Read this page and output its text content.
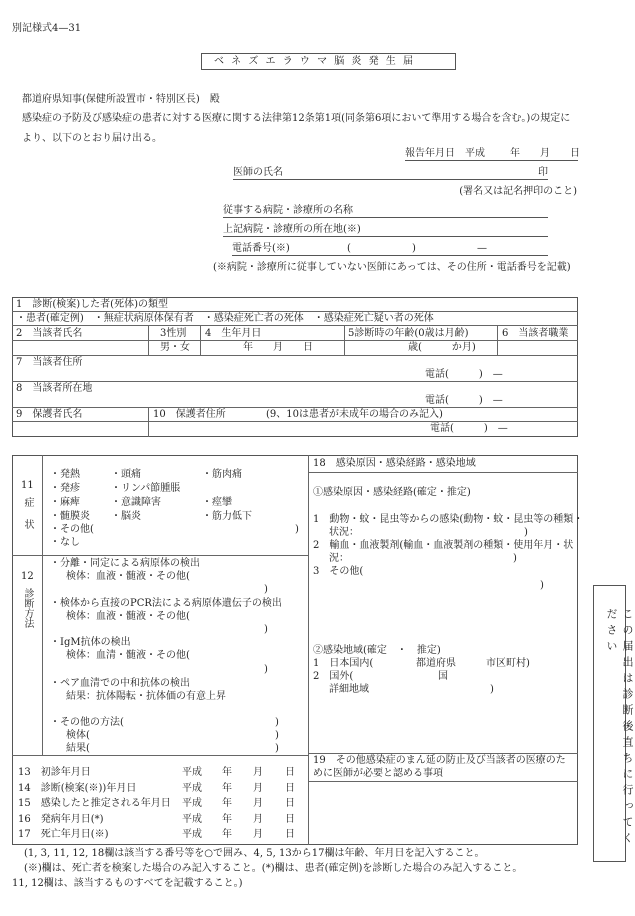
別記様式4—31
ベ ネ ズ エ ラ ウ マ 脳 炎 発 生 届
都道府県知事(保健所設置市・特別区長)　殿
感染症の予防及び感染症の患者に対する医療に関する法律第12条第1項(同条第6項において準用する場合を含む。)の規定に
より、以下のとおり届け出る。
報告年月日 平成	年 月 日
医師の氏名	印
(署名又は記名押印のこと)
従事する病院・診療所の名称
上記病院・診療所の所在地(※)
電話番号(※)	(	)	—
(※病院・診療所に従事していない医師にあっては、その住所・電話番号を記載)
1　診断(検案)した者(死体)の類型
・患者(確定例)　・無症状病原体保有者　・感染症死亡者の死体　・感染症死亡疑い者の死体
2　当該者氏名	3性別 4　生年月日	5診断時の年齢(0歳は月齢)	6　当該者職業
男・女	年　　月　　日	歳(　　　か月)
7　当該者住所
電話(　　　)　—
8　当該者所在地
電話(　　　)　—
9　保護者氏名	10　保護者住所	(9、10は患者が未成年の場合のみ記入)
電話(　　　)　—
11
症状
・発熱	・頭痛	・筋肉痛
・発疹	・リンパ節腫脹
・麻痺	・意識障害	・痙攣
・髄膜炎 ・脳炎	・筋力低下
・その他(	)
・なし
12
診断方法
・分離・同定による病原体の検出
検体：血液・髄液・その他(
)
・検体から直接のPCR法による病原体遺伝子の検出
検体：血液・髄液・その他(
)
・IgM抗体の検出
検体：血清・髄液・その他(
)
・ペア血清での中和抗体の検出
結果：抗体陽転・抗体価の有意上昇
・その他の方法(	)
検体(	)
結果(	)
13　初診年月日	平成 年 月 日
14　診断(検案(※))年月日	平成 年 月 日
15　感染したと推定される年月日 平成 年 月 日
16　発病年月日(*)	平成 年 月 日
17　死亡年月日(※)	平成 年 月 日
18　感染原因・感染経路・感染地域
①感染原因・感染経路(確定・推定)
1　動物・蚊・昆虫等からの感染(動物・蚊・昆虫等の種類・
状況：	)
2　輸血・血液製剤(輸血・血液製剤の種類・使用年月・状
況：	)
3　その他(
)
②感染地域(確定　・　推定)
1　日本国内(	都道府県	市区町村)
2　国外(	国
詳細地域	)
19　その他感染症のまん延の防止及び当該者の医療のた
めに医師が必要と認める事項	この届出は診断後直ちに行ってください
(1, 3, 11, 12, 18欄は該当する番号等を○で囲み、4, 5, 13から17欄は年齢、年月日を記入すること。
(※)欄は、死亡者を検案した場合のみ記入すること。(*)欄は、患者(確定例)を診断した場合のみ記入すること。
11, 12欄は、該当するものすべてを記載すること。)
